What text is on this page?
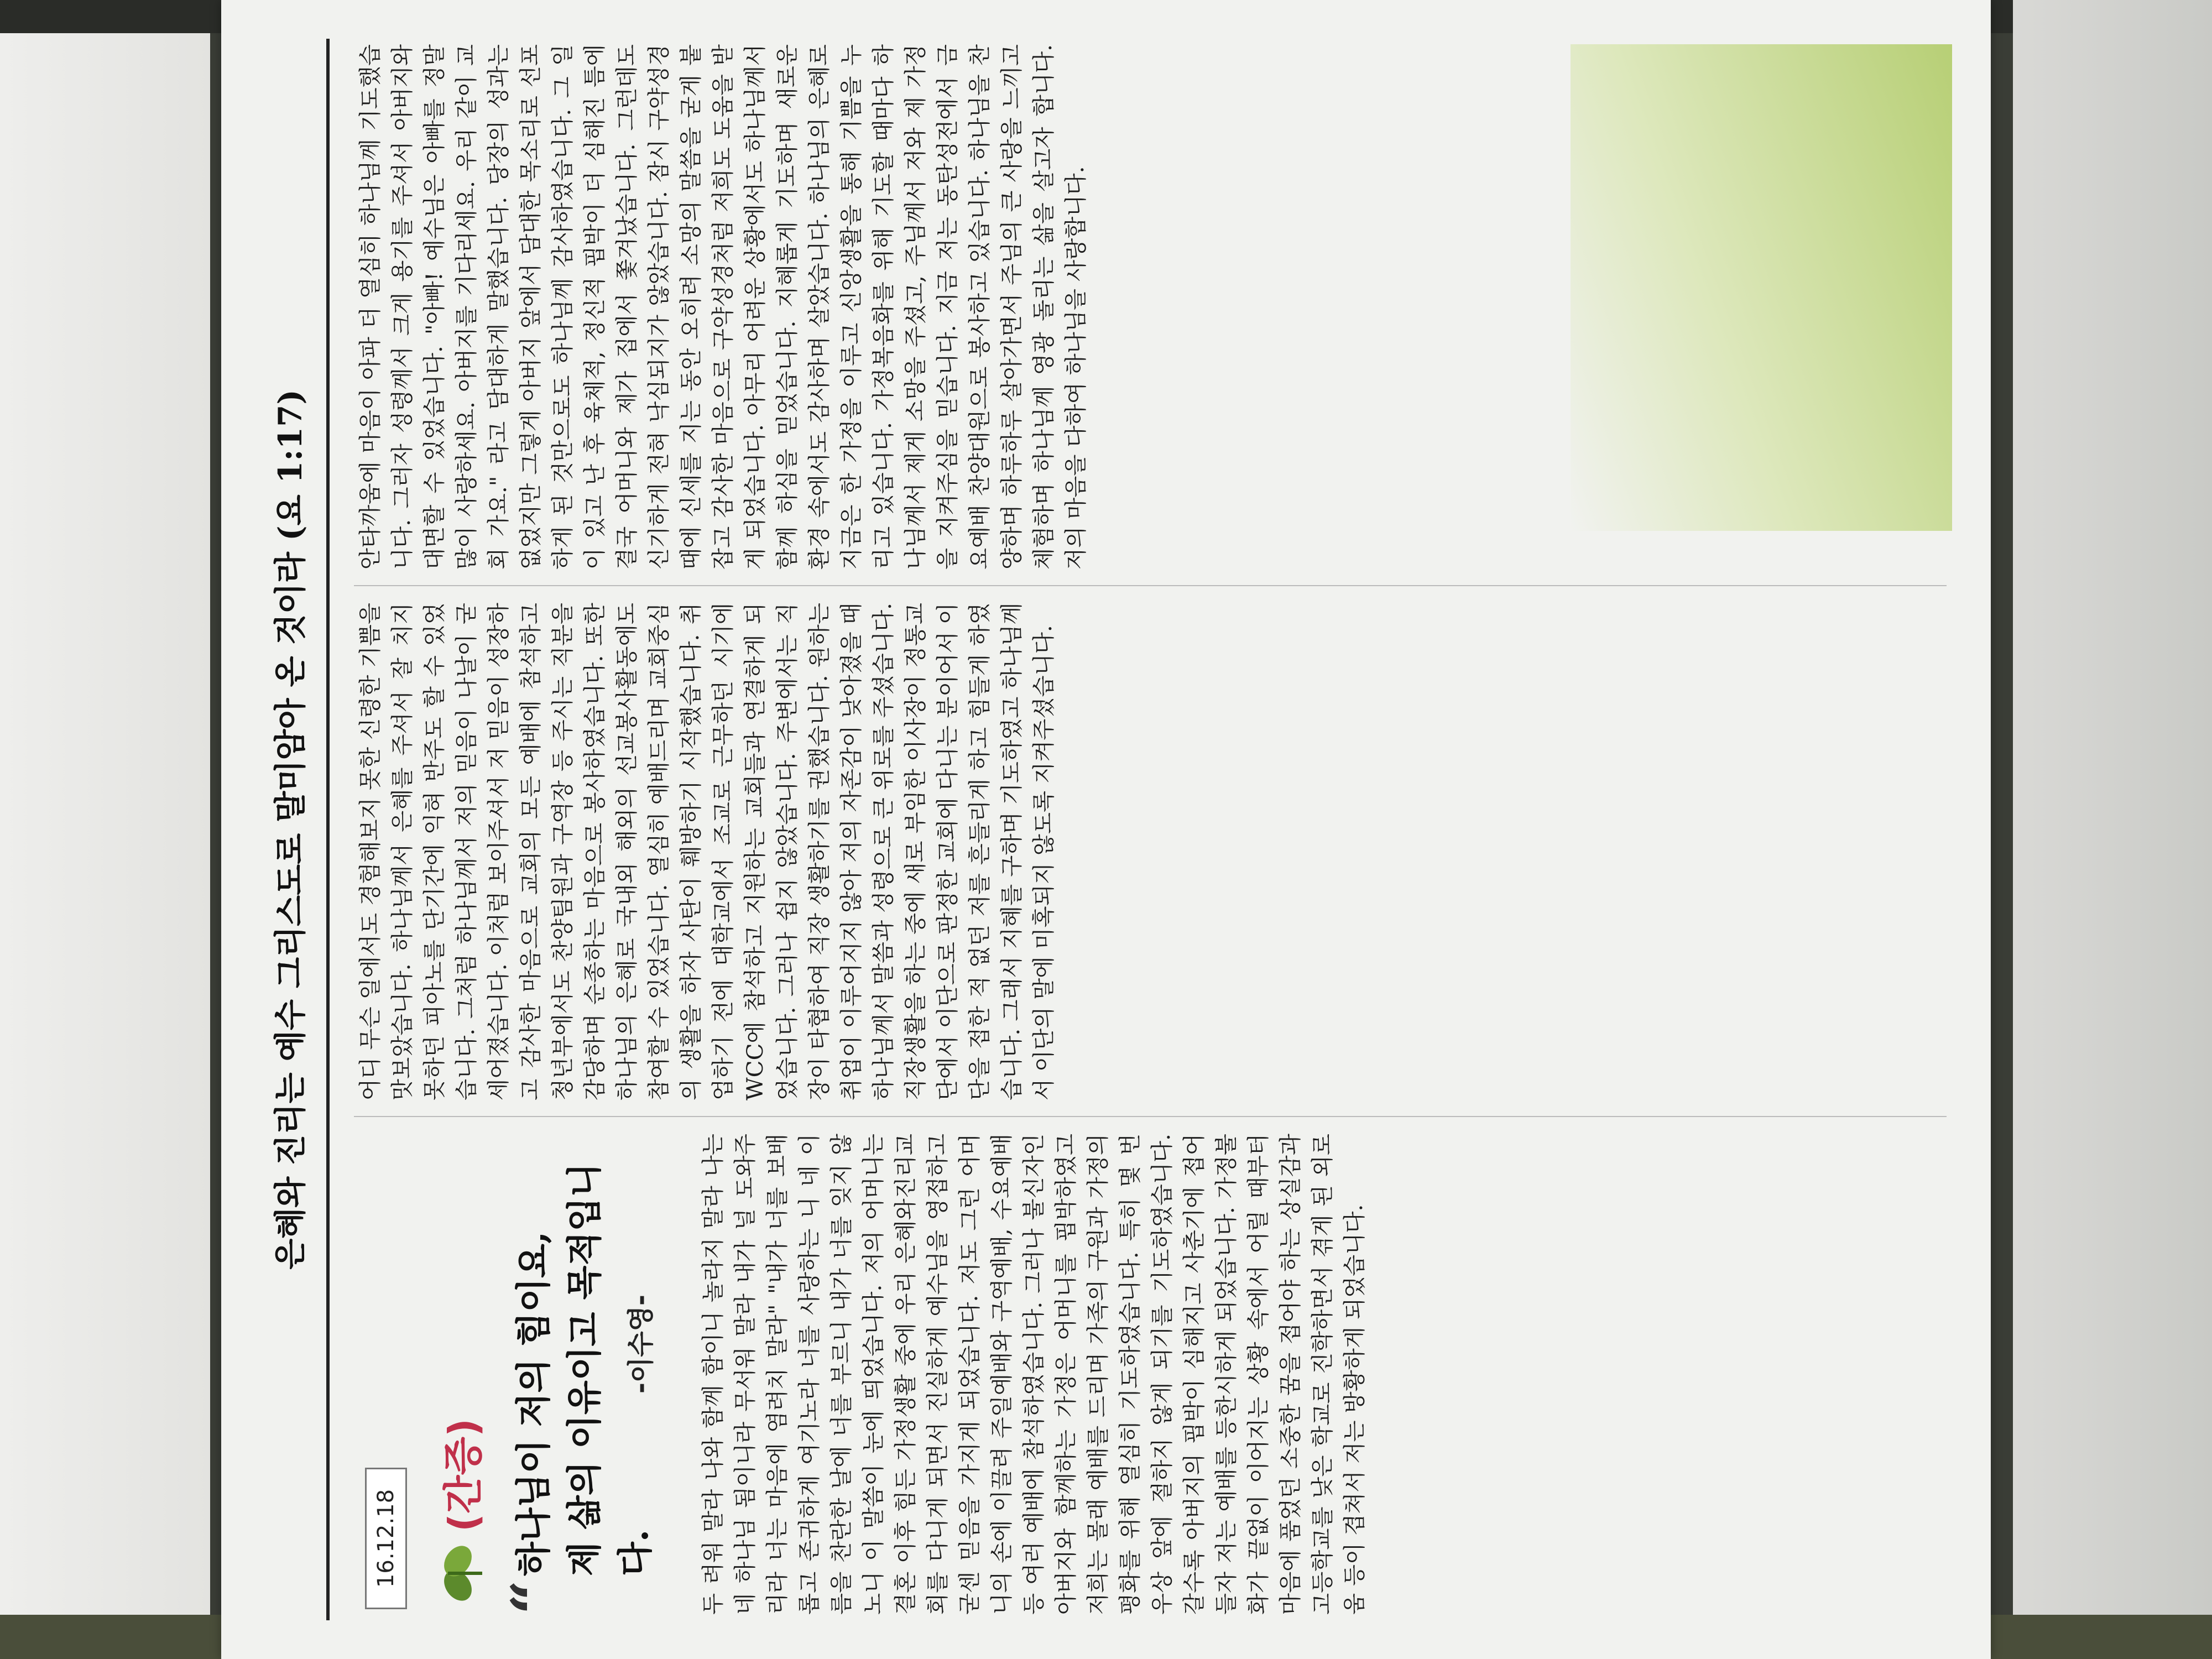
은혜와 진리는 예수 그리스도로 말미암아 온 것이라 (요 1:17)
16.12.18
(간증)
“
하나님이 저의 힘이요, 제 삶의 이유이고 목적입니다.
-이수영- 두 려워 말라 나와 함께 함이니 놀라지 말라 나는 네 하나님 됨이니라 무서워 말라 내가 널 도와주리라 너는 마음에 염려치 말라" "내가 너를 보배롭고 존귀하게 여기노라 너를 사랑하는 니 네 이름을 찬란한 날에 너를 부르니 내가 너를 잊지 않노니 이 말씀이 눈에 띄었습니다. 저의 어머니는 결혼 이후 힘든 가정생활 중에 우리 은혜와진리교회를 다니게 되면서 진실하게 예수님을 영접하고 굳센 믿음을 가지게 되었습니다. 저도 그런 어머니의 손에 이끌려 주일예배와 구역예배, 수요예배 등 여러 예배에 참석하였습니다. 그러나 불신자인 아버지와 함께하는 가정은 어머니를 핍박하였고 저희는 몰래 예배를 드리며 가족의 구원과 가정의 평화를 위해 열심히 기도하였습니다. 특히 몇 번 우상 앞에 절하지 않게 되기를 기도하였습니다. 갈수록 아버지의 핍박이 심해지고 사춘기에 접어들자 저는 예배를 등한시하게 되었습니다. 가정불화가 끝없이 이어지는 상황 속에서 어릴 때부터 마음에 품었던 소중한 꿈을 접어야 하는 상실감과 고등학교를 낮은 학교로 진학하면서 겪게 된 외로움 등이 겹쳐서 저는 방황하게 되었습니다.

어디 무슨 일에서도 경험해보지 못한 신령한 기쁨을 맛보았습니다. 하나님께서 은혜를 주셔서 잘 치지 못하던 피아노를 단기간에 익혀 반주도 할 수 있었습니다. 그처럼 하나님께서 저의 믿음이 나날이 굳세어졌습니다. 이처럼 보이주셔서 저 믿음이 성장하고 감사한 마음으로 교회의 모든 예배에 참석하고 청년부에서도 찬양팀원과 구역장 등 주시는 직분을 감당하며 순종하는 마음으로 봉사하였습니다. 또한 하나님의 은혜로 국내외 해외의 선교봉사활동에도 참여할 수 있었습니다. 열심히 예배드리며 교회중심의 생활을 하자 사탄이 훼방하기 시작했습니다. 취업하기 전에 대학교에서 조교로 근무하던 시기에 WCC에 참석하고 지원하는 교회들과 연결하게 되었습니다. 그러나 쉽지 않았습니다. 주변에서는 직장이 타협하여 직장 생활하기를 권했습니다. 원하는 취업이 이루어지지 않아 저의 자존감이 낮아졌을 때 하나님께서 말씀과 성령으로 큰 위로를 주셨습니다. 직장생활을 하는 중에 새로 부임한 이사장이 정통교단에서 이단으로 판정한 교회에 다니는 분이어서 이단을 접한 적 없던 저를 흔들리게 하고 힘들게 하였습니다. 그래서 지혜를 구하며 기도하였고 하나님께서 이단의 말에 미혹되지 않도록 지켜주셨습니다.

안타까움에 마음이 아파 더 열심히 하나님께 기도했습니다. 그러자 성령께서 크게 용기를 주셔서 아버지와 대면할 수 있었습니다. "아빠! 예수님은 아빠를 정말 많이 사랑하세요. 아버지를 기다리세요. 우리 같이 교회 가요." 라고 담대하게 말했습니다. 당장의 성과는 없었지만 그렇게 아버지 앞에서 담대한 목소리로 선포하게 된 것만으로도 하나님께 감사하였습니다. 그 일이 있고 난 후 육체적, 정신적 핍박이 더 심해진 틈에 결국 어머니와 제가 집에서 쫓겨났습니다. 그런데도 신기하게 전혀 낙심되지가 않았습니다. 잠시 구약성경 때에 신세를 지는 동안 오히려 소망의 말씀을 굳게 붙잡고 감사한 마음으로 구약성경처럼 저희도 도움을 받게 되었습니다. 아무리 어려운 상황에서도 하나님께서 함께 하심을 믿었습니다. 지혜롭게 기도하며 새로운 환경 속에서도 감사하며 살았습니다. 하나님의 은혜로 지금은 한 가정을 이루고 신앙생활을 통해 기쁨을 누리고 있습니다. 가정복음화를 위해 기도할 때마다 하나님께서 제게 소망을 주셨고, 주님께서 저와 제 가정을 지켜주심을 믿습니다. 지금 저는 동탄성전에서 금요예배 찬양대원으로 봉사하고 있습니다. 하나님을 찬양하며 하루하루 살아가면서 주님의 큰 사랑을 느끼고 체험하며 하나님께 영광 돌리는 삶을 살고자 합니다. 저의 마음을 다하여 하나님을 사랑합니다.
